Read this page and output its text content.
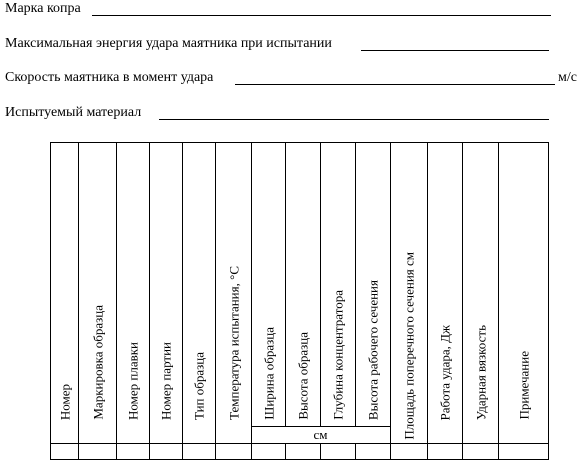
Марка копра
Максимальная энергия удара маятника при испытании
Скорость маятника в момент удара	м/с
Испытуемый материал
Номер Маркировка образца Номер плавки Номер партии Тип образца Температура испытания, °C Ширина образца Высота образца Глубина концентратора Высота рабочего сечения Площадь поперечного сечения см Работа удара, Дж Ударная вязкость Примечание
см
